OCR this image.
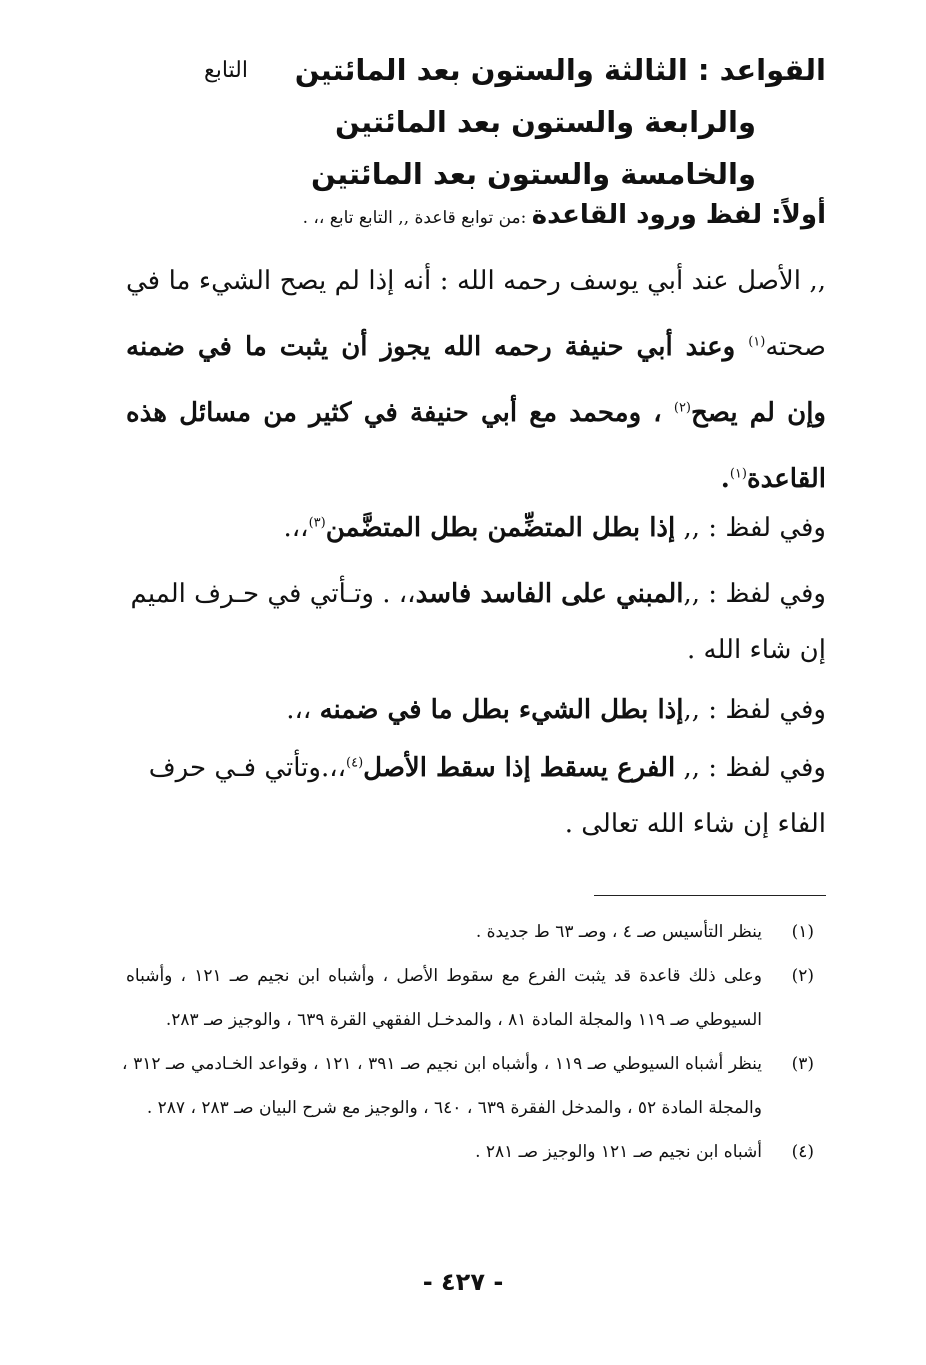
القواعد : الثالثة والستون بعد المائتين
والرابعة والستون بعد المائتين
والخامسة والستون بعد المائتين
التابع
أولاً: لفظ ورود القاعدة :من توابع قاعدة ,, التابع تابع ،، .
,, الأصل عند أبي يوسف رحمه الله : أنه إذا لم يصح الشيء ما في صحته$^{(١)}$ وعند أبي حنيفة رحمه الله يجوز أن يثبت ما في ضمنه وإن لم يصح$^{(٢)}$ ، ومحمد مع أبي حنيفة في كثير من مسائل هذه القاعدة$^{(١)}$.
وفي لفظ : ,, إذا بطل المتضِّمن بطل المتضَّمن$^{(٣)}$،،.
وفي لفظ : ,,المبني على الفاسد فاسد،، . وتـأتي في حـرف الميم إن شاء الله .
وفي لفظ : ,,إذا بطل الشيء بطل ما في ضمنه ،،.
وفي لفظ : ,, الفرع يسقط إذا سقط الأصل$^{(٤)}$،،.وتأتي فـي حرف الفاء إن شاء الله تعالى .
(١)
ينظر التأسيس صـ ٤ ، وصـ ٦٣ ط جديدة .
(٢)
وعلى ذلك قاعدة قد يثبت الفرع مع سقوط الأصل ، وأشباه ابن نجيم صـ ١٢١ ، وأشباه السيوطي صـ ١١٩ والمجلة المادة ٨١ ، والمدخـل الفقهي القرة ٦٣٩ ، والوجيز صـ ٢٨٣.
(٣)
ينظر أشباه السيوطي صـ ١١٩ ، وأشباه ابن نجيم صـ ٣٩١ ، ١٢١ ، وقواعد الخـادمي صـ ٣١٢ ، والمجلة المادة ٥٢ ، والمدخل الفقرة ٦٣٩ ، ٦٤٠ ، والوجيز مع شرح البيان صـ ٢٨٣ ، ٢٨٧ .
(٤)
أشباه ابن نجيم صـ ١٢١ والوجيز صـ ٢٨١ .
- ٤٢٧ -
